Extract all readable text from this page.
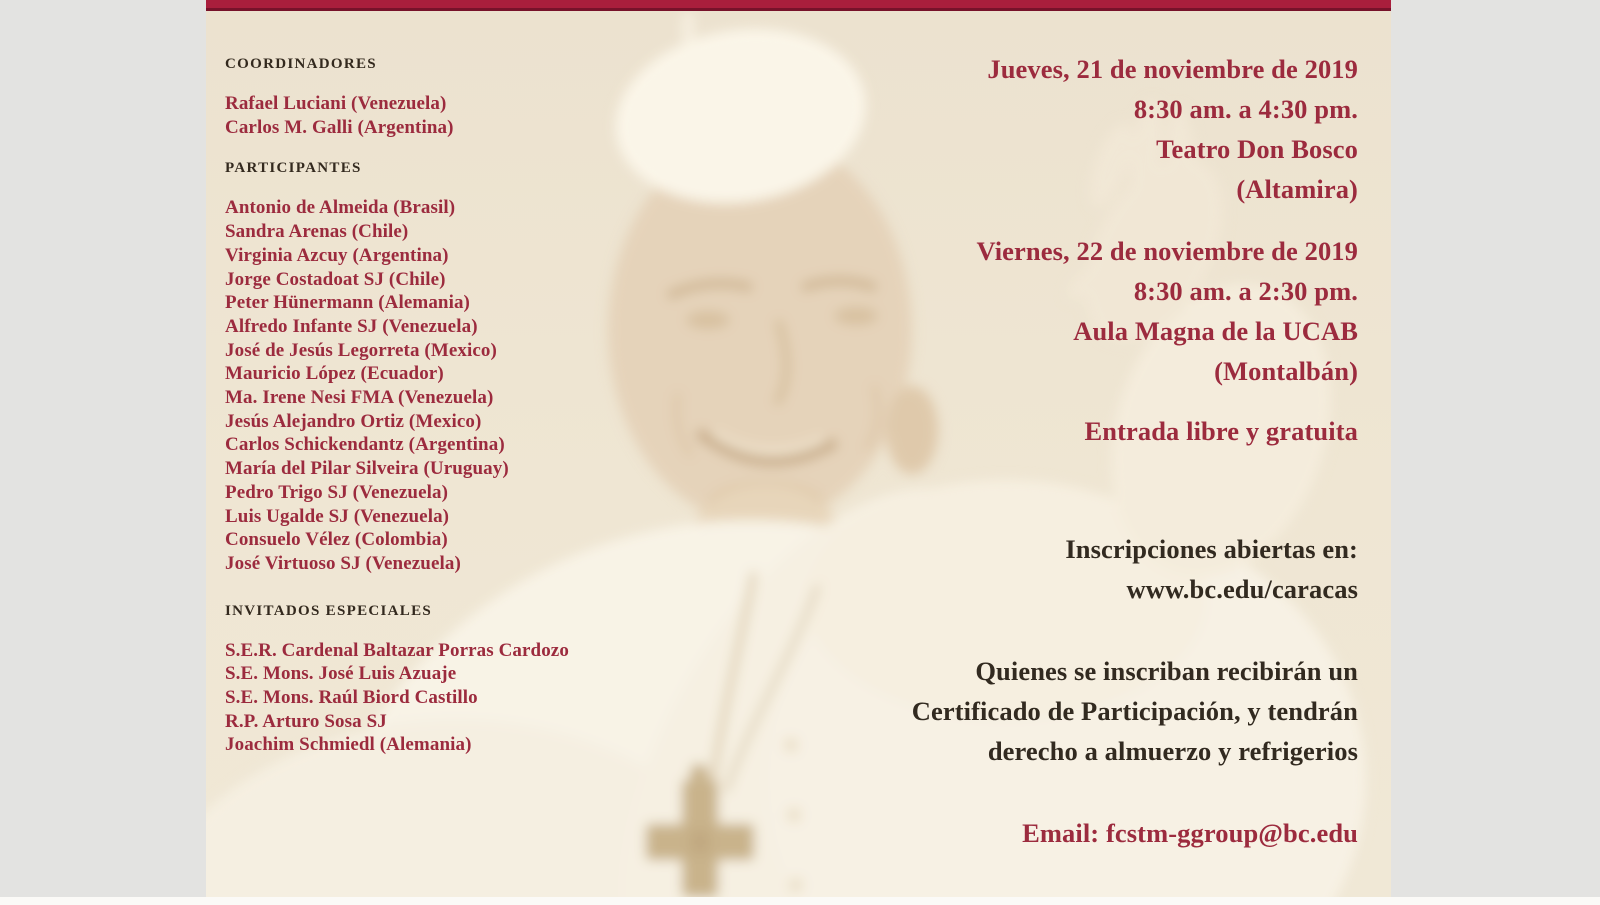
COORDINADORES
Rafael Luciani (Venezuela)
Carlos M. Galli (Argentina)
PARTICIPANTES
Antonio de Almeida (Brasil)
Sandra Arenas (Chile)
Virginia Azcuy (Argentina)
Jorge Costadoat SJ (Chile)
Peter Hünermann (Alemania)
Alfredo Infante SJ (Venezuela)
José de Jesús Legorreta (Mexico)
Mauricio López (Ecuador)
Ma. Irene Nesi FMA (Venezuela)
Jesús Alejandro Ortiz (Mexico)
Carlos Schickendantz (Argentina)
María del Pilar Silveira (Uruguay)
Pedro Trigo SJ (Venezuela)
Luis Ugalde SJ (Venezuela)
Consuelo Vélez (Colombia)
José Virtuoso SJ (Venezuela)
INVITADOS ESPECIALES
S.E.R. Cardenal Baltazar Porras Cardozo
S.E. Mons. José Luis Azuaje
S.E. Mons. Raúl Biord Castillo
R.P. Arturo Sosa SJ
Joachim Schmiedl (Alemania)
Jueves, 21 de noviembre de 2019
8:30 am. a 4:30 pm.
Teatro Don Bosco
(Altamira)
Viernes, 22 de noviembre de 2019
8:30 am. a 2:30 pm.
Aula Magna de la UCAB
(Montalbán)
Entrada libre y gratuita
Inscripciones abiertas en:
www.bc.edu/caracas
Quienes se inscriban recibirán un
Certificado de Participación, y tendrán
derecho a almuerzo y refrigerios
Email: fcstm-ggroup@bc.edu
